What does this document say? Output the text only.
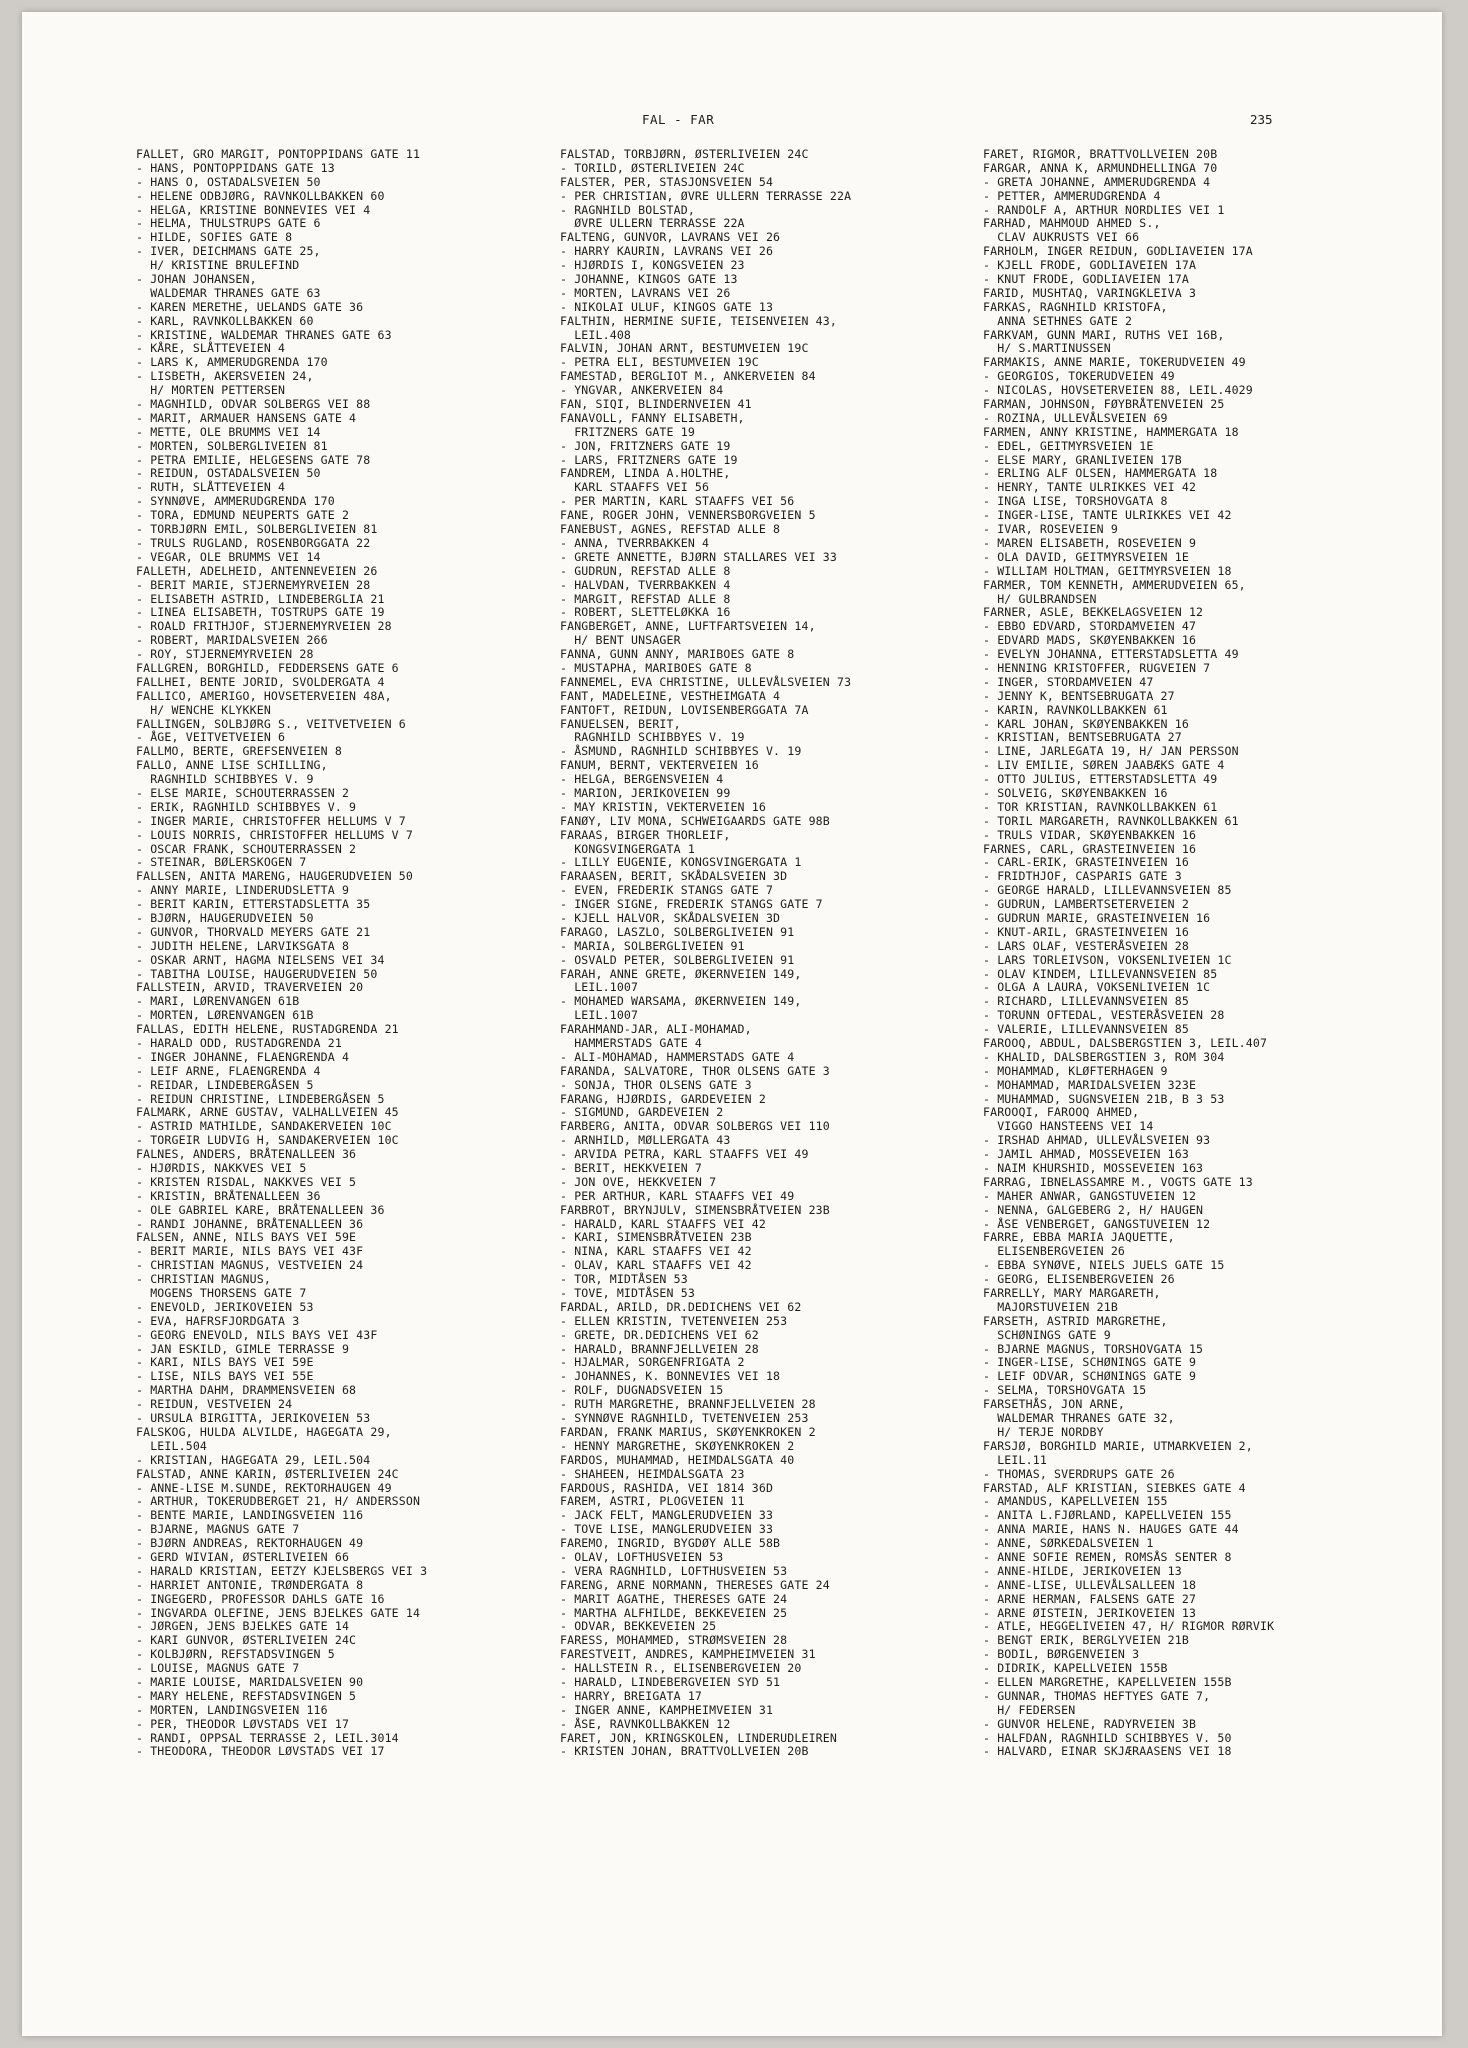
FAL - FAR	235
FALLET, GRO MARGIT, PONTOPPIDANS GATE 11
- HANS, PONTOPPIDANS GATE 13
- HANS O, OSTADALSVEIEN 50
- HELENE ODBJØRG, RAVNKOLLBAKKEN 60
- HELGA, KRISTINE BONNEVIES VEI 4
- HELMA, THULSTRUPS GATE 6
- HILDE, SOFIES GATE 8
- IVER, DEICHMANS GATE 25,
H/ KRISTINE BRULEFIND
- JOHAN JOHANSEN,
WALDEMAR THRANES GATE 63
- KAREN MERETHE, UELANDS GATE 36
- KARL, RAVNKOLLBAKKEN 60
- KRISTINE, WALDEMAR THRANES GATE 63
- KÅRE, SLÅTTEVEIEN 4
- LARS K, AMMERUDGRENDA 170
- LISBETH, AKERSVEIEN 24,
H/ MORTEN PETTERSEN
- MAGNHILD, ODVAR SOLBERGS VEI 88
- MARIT, ARMAUER HANSENS GATE 4
- METTE, OLE BRUMMS VEI 14
- MORTEN, SOLBERGLIVEIEN 81
- PETRA EMILIE, HELGESENS GATE 78
- REIDUN, OSTADALSVEIEN 50
- RUTH, SLÅTTEVEIEN 4
- SYNNØVE, AMMERUDGRENDA 170
- TORA, EDMUND NEUPERTS GATE 2
- TORBJØRN EMIL, SOLBERGLIVEIEN 81
- TRULS RUGLAND, ROSENBORGGATA 22
- VEGAR, OLE BRUMMS VEI 14
FALLETH, ADELHEID, ANTENNEVEIEN 26
- BERIT MARIE, STJERNEMYRVEIEN 28
- ELISABETH ASTRID, LINDEBERGLIA 21
- LINEA ELISABETH, TOSTRUPS GATE 19
- ROALD FRITHJOF, STJERNEMYRVEIEN 28
- ROBERT, MARIDALSVEIEN 266
- ROY, STJERNEMYRVEIEN 28
FALLGREN, BORGHILD, FEDDERSENS GATE 6
FALLHEI, BENTE JORID, SVOLDERGATA 4
FALLICO, AMERIGO, HOVSETERVEIEN 48A,
H/ WENCHE KLYKKEN
FALLINGEN, SOLBJØRG S., VEITVETVEIEN 6
- ÅGE, VEITVETVEIEN 6
FALLMO, BERTE, GREFSENVEIEN 8
FALLO, ANNE LISE SCHILLING,
RAGNHILD SCHIBBYES V. 9
- ELSE MARIE, SCHOUTERRASSEN 2
- ERIK, RAGNHILD SCHIBBYES V. 9
- INGER MARIE, CHRISTOFFER HELLUMS V 7
- LOUIS NORRIS, CHRISTOFFER HELLUMS V 7
- OSCAR FRANK, SCHOUTERRASSEN 2
- STEINAR, BØLERSKOGEN 7
FALLSEN, ANITA MARENG, HAUGERUDVEIEN 50
- ANNY MARIE, LINDERUDSLETTA 9
- BERIT KARIN, ETTERSTADSLETTA 35
- BJØRN, HAUGERUDVEIEN 50
- GUNVOR, THORVALD MEYERS GATE 21
- JUDITH HELENE, LARVIKSGATA 8
- OSKAR ARNT, HAGMA NIELSENS VEI 34
- TABITHA LOUISE, HAUGERUDVEIEN 50
FALLSTEIN, ARVID, TRAVERVEIEN 20
- MARI, LØRENVANGEN 61B
- MORTEN, LØRENVANGEN 61B
FALLAS, EDITH HELENE, RUSTADGRENDA 21
- HARALD ODD, RUSTADGRENDA 21
- INGER JOHANNE, FLAENGRENDA 4
- LEIF ARNE, FLAENGRENDA 4
- REIDAR, LINDEBERGÅSEN 5
- REIDUN CHRISTINE, LINDEBERGÅSEN 5
FALMARK, ARNE GUSTAV, VALHALLVEIEN 45
- ASTRID MATHILDE, SANDAKERVEIEN 10C
- TORGEIR LUDVIG H, SANDAKERVEIEN 10C
FALNES, ANDERS, BRÅTENALLEEN 36
- HJØRDIS, NAKKVES VEI 5
- KRISTEN RISDAL, NAKKVES VEI 5
- KRISTIN, BRÅTENALLEEN 36
- OLE GABRIEL KARE, BRÅTENALLEEN 36
- RANDI JOHANNE, BRÅTENALLEEN 36
FALSEN, ANNE, NILS BAYS VEI 59E
- BERIT MARIE, NILS BAYS VEI 43F
- CHRISTIAN MAGNUS, VESTVEIEN 24
- CHRISTIAN MAGNUS,
MOGENS THORSENS GATE 7
- ENEVOLD, JERIKOVEIEN 53
- EVA, HAFRSFJORDGATA 3
- GEORG ENEVOLD, NILS BAYS VEI 43F
- JAN ESKILD, GIMLE TERRASSE 9
- KARI, NILS BAYS VEI 59E
- LISE, NILS BAYS VEI 55E
- MARTHA DAHM, DRAMMENSVEIEN 68
- REIDUN, VESTVEIEN 24
- URSULA BIRGITTA, JERIKOVEIEN 53
FALSKOG, HULDA ALVILDE, HAGEGATA 29,
LEIL.504
- KRISTIAN, HAGEGATA 29, LEIL.504
FALSTAD, ANNE KARIN, ØSTERLIVEIEN 24C
- ANNE-LISE M.SUNDE, REKTORHAUGEN 49
- ARTHUR, TOKERUDBERGET 21, H/ ANDERSSON
- BENTE MARIE, LANDINGSVEIEN 116
- BJARNE, MAGNUS GATE 7
- BJØRN ANDREAS, REKTORHAUGEN 49
- GERD WIVIAN, ØSTERLIVEIEN 66
- HARALD KRISTIAN, EETZY KJELSBERGS VEI 3
- HARRIET ANTONIE, TRØNDERGATA 8
- INGEGERD, PROFESSOR DAHLS GATE 16
- INGVARDA OLEFINE, JENS BJELKES GATE 14
- JØRGEN, JENS BJELKES GATE 14
- KARI GUNVOR, ØSTERLIVEIEN 24C
- KOLBJØRN, REFSTADSVINGEN 5
- LOUISE, MAGNUS GATE 7
- MARIE LOUISE, MARIDALSVEIEN 90
- MARY HELENE, REFSTADSVINGEN 5
- MORTEN, LANDINGSVEIEN 116
- PER, THEODOR LØVSTADS VEI 17
- RANDI, OPPSAL TERRASSE 2, LEIL.3014
- THEODORA, THEODOR LØVSTADS VEI 17
FALSTAD, TORBJØRN, ØSTERLIVEIEN 24C
- TORILD, ØSTERLIVEIEN 24C
FALSTER, PER, STASJONSVEIEN 54
- PER CHRISTIAN, ØVRE ULLERN TERRASSE 22A
- RAGNHILD BOLSTAD,
ØVRE ULLERN TERRASSE 22A
FALTENG, GUNVOR, LAVRANS VEI 26
- HARRY KAURIN, LAVRANS VEI 26
- HJØRDIS I, KONGSVEIEN 23
- JOHANNE, KINGOS GATE 13
- MORTEN, LAVRANS VEI 26
- NIKOLAI ULUF, KINGOS GATE 13
FALTHIN, HERMINE SUFIE, TEISENVEIEN 43,
LEIL.408
FALVIN, JOHAN ARNT, BESTUMVEIEN 19C
- PETRA ELI, BESTUMVEIEN 19C
FAMESTAD, BERGLIOT M., ANKERVEIEN 84
- YNGVAR, ANKERVEIEN 84
FAN, SIQI, BLINDERNVEIEN 41
FANAVOLL, FANNY ELISABETH,
FRITZNERS GATE 19
- JON, FRITZNERS GATE 19
- LARS, FRITZNERS GATE 19
FANDREM, LINDA A.HOLTHE,
KARL STAAFFS VEI 56
- PER MARTIN, KARL STAAFFS VEI 56
FANE, ROGER JOHN, VENNERSBORGVEIEN 5
FANEBUST, AGNES, REFSTAD ALLE 8
- ANNA, TVERRBAKKEN 4
- GRETE ANNETTE, BJØRN STALLARES VEI 33
- GUDRUN, REFSTAD ALLE 8
- HALVDAN, TVERRBAKKEN 4
- MARGIT, REFSTAD ALLE 8
- ROBERT, SLETTELØKKA 16
FANGBERGET, ANNE, LUFTFARTSVEIEN 14,
H/ BENT UNSAGER
FANNA, GUNN ANNY, MARIBOES GATE 8
- MUSTAPHA, MARIBOES GATE 8
FANNEMEL, EVA CHRISTINE, ULLEVÅLSVEIEN 73
FANT, MADELEINE, VESTHEIMGATA 4
FANTOFT, REIDUN, LOVISENBERGGATA 7A
FANUELSEN, BERIT,
RAGNHILD SCHIBBYES V. 19
- ÅSMUND, RAGNHILD SCHIBBYES V. 19
FANUM, BERNT, VEKTERVEIEN 16
- HELGA, BERGENSVEIEN 4
- MARION, JERIKOVEIEN 99
- MAY KRISTIN, VEKTERVEIEN 16
FANØY, LIV MONA, SCHWEIGAARDS GATE 98B
FARAAS, BIRGER THORLEIF,
KONGSVINGERGATA 1
- LILLY EUGENIE, KONGSVINGERGATA 1
FARAASEN, BERIT, SKÅDALSVEIEN 3D
- EVEN, FREDERIK STANGS GATE 7
- INGER SIGNE, FREDERIK STANGS GATE 7
- KJELL HALVOR, SKÅDALSVEIEN 3D
FARAGO, LASZLO, SOLBERGLIVEIEN 91
- MARIA, SOLBERGLIVEIEN 91
- OSVALD PETER, SOLBERGLIVEIEN 91
FARAH, ANNE GRETE, ØKERNVEIEN 149,
LEIL.1007
- MOHAMED WARSAMA, ØKERNVEIEN 149,
LEIL.1007
FARAHMAND-JAR, ALI-MOHAMAD,
HAMMERSTADS GATE 4
- ALI-MOHAMAD, HAMMERSTADS GATE 4
FARANDA, SALVATORE, THOR OLSENS GATE 3
- SONJA, THOR OLSENS GATE 3
FARANG, HJØRDIS, GARDEVEIEN 2
- SIGMUND, GARDEVEIEN 2
FARBERG, ANITA, ODVAR SOLBERGS VEI 110
- ARNHILD, MØLLERGATA 43
- ARVIDA PETRA, KARL STAAFFS VEI 49
- BERIT, HEKKVEIEN 7
- JON OVE, HEKKVEIEN 7
- PER ARTHUR, KARL STAAFFS VEI 49
FARBROT, BRYNJULV, SIMENSBRÅTVEIEN 23B
- HARALD, KARL STAAFFS VEI 42
- KARI, SIMENSBRÅTVEIEN 23B
- NINA, KARL STAAFFS VEI 42
- OLAV, KARL STAAFFS VEI 42
- TOR, MIDTÅSEN 53
- TOVE, MIDTÅSEN 53
FARDAL, ARILD, DR.DEDICHENS VEI 62
- ELLEN KRISTIN, TVETENVEIEN 253
- GRETE, DR.DEDICHENS VEI 62
- HARALD, BRANNFJELLVEIEN 28
- HJALMAR, SORGENFRIGATA 2
- JOHANNES, K. BONNEVIES VEI 18
- ROLF, DUGNADSVEIEN 15
- RUTH MARGRETHE, BRANNFJELLVEIEN 28
- SYNNØVE RAGNHILD, TVETENVEIEN 253
FARDAN, FRANK MARIUS, SKØYENKROKEN 2
- HENNY MARGRETHE, SKØYENKROKEN 2
FARDOS, MUHAMMAD, HEIMDALSGATA 40
- SHAHEEN, HEIMDALSGATA 23
FARDOUS, RASHIDA, VEI 1814 36D
FAREM, ASTRI, PLOGVEIEN 11
- JACK FELT, MANGLERUDVEIEN 33
- TOVE LISE, MANGLERUDVEIEN 33
FAREMO, INGRID, BYGDØY ALLE 58B
- OLAV, LOFTHUSVEIEN 53
- VERA RAGNHILD, LOFTHUSVEIEN 53
FARENG, ARNE NORMANN, THERESES GATE 24
- MARIT AGATHE, THERESES GATE 24
- MARTHA ALFHILDE, BEKKEVEIEN 25
- ODVAR, BEKKEVEIEN 25
FARESS, MOHAMMED, STRØMSVEIEN 28
FARESTVEIT, ANDRES, KAMPHEIMVEIEN 31
- HALLSTEIN R., ELISENBERGVEIEN 20
- HARALD, LINDEBERGVEIEN SYD 51
- HARRY, BREIGATA 17
- INGER ANNE, KAMPHEIMVEIEN 31
- ÅSE, RAVNKOLLBAKKEN 12
FARET, JON, KRINGSKOLEN, LINDERUDLEIREN
- KRISTEN JOHAN, BRATTVOLLVEIEN 20B
FARET, RIGMOR, BRATTVOLLVEIEN 20B
FARGAR, ANNA K, ARMUNDHELLINGA 70
- GRETA JOHANNE, AMMERUDGRENDA 4
- PETTER, AMMERUDGRENDA 4
- RANDOLF A, ARTHUR NORDLIES VEI 1
FARHAD, MAHMOUD AHMED S.,
CLAV AUKRUSTS VEI 66
FARHOLM, INGER REIDUN, GODLIAVEIEN 17A
- KJELL FRODE, GODLIAVEIEN 17A
- KNUT FRODE, GODLIAVEIEN 17A
FARID, MUSHTAQ, VARINGKLEIVA 3
FARKAS, RAGNHILD KRISTOFA,
ANNA SETHNES GATE 2
FARKVAM, GUNN MARI, RUTHS VEI 16B,
H/ S.MARTINUSSEN
FARMAKIS, ANNE MARIE, TOKERUDVEIEN 49
- GEORGIOS, TOKERUDVEIEN 49
- NICOLAS, HOVSETERVEIEN 88, LEIL.4029
FARMAN, JOHNSON, FØYBRÅTENVEIEN 25
- ROZINA, ULLEVÅLSVEIEN 69
FARMEN, ANNY KRISTINE, HAMMERGATA 18
- EDEL, GEITMYRSVEIEN 1E
- ELSE MARY, GRANLIVEIEN 17B
- ERLING ALF OLSEN, HAMMERGATA 18
- HENRY, TANTE ULRIKKES VEI 42
- INGA LISE, TORSHOVGATA 8
- INGER-LISE, TANTE ULRIKKES VEI 42
- IVAR, ROSEVEIEN 9
- MAREN ELISABETH, ROSEVEIEN 9
- OLA DAVID, GEITMYRSVEIEN 1E
- WILLIAM HOLTMAN, GEITMYRSVEIEN 18
FARMER, TOM KENNETH, AMMERUDVEIEN 65,
H/ GULBRANDSEN
FARNER, ASLE, BEKKELAGSVEIEN 12
- EBBO EDVARD, STORDAMVEIEN 47
- EDVARD MADS, SKØYENBAKKEN 16
- EVELYN JOHANNA, ETTERSTADSLETTA 49
- HENNING KRISTOFFER, RUGVEIEN 7
- INGER, STORDAMVEIEN 47
- JENNY K, BENTSEBRUGATA 27
- KARIN, RAVNKOLLBAKKEN 61
- KARL JOHAN, SKØYENBAKKEN 16
- KRISTIAN, BENTSEBRUGATA 27
- LINE, JARLEGATA 19, H/ JAN PERSSON
- LIV EMILIE, SØREN JAABÆKS GATE 4
- OTTO JULIUS, ETTERSTADSLETTA 49
- SOLVEIG, SKØYENBAKKEN 16
- TOR KRISTIAN, RAVNKOLLBAKKEN 61
- TORIL MARGARETH, RAVNKOLLBAKKEN 61
- TRULS VIDAR, SKØYENBAKKEN 16
FARNES, CARL, GRASTEINVEIEN 16
- CARL-ERIK, GRASTEINVEIEN 16
- FRIDTHJOF, CASPARIS GATE 3
- GEORGE HARALD, LILLEVANNSVEIEN 85
- GUDRUN, LAMBERTSETERVEIEN 2
- GUDRUN MARIE, GRASTEINVEIEN 16
- KNUT-ARIL, GRASTEINVEIEN 16
- LARS OLAF, VESTERÅSVEIEN 28
- LARS TORLEIVSON, VOKSENLIVEIEN 1C
- OLAV KINDEM, LILLEVANNSVEIEN 85
- OLGA A LAURA, VOKSENLIVEIEN 1C
- RICHARD, LILLEVANNSVEIEN 85
- TORUNN OFTEDAL, VESTERÅSVEIEN 28
- VALERIE, LILLEVANNSVEIEN 85
FAROOQ, ABDUL, DALSBERGSTIEN 3, LEIL.407
- KHALID, DALSBERGSTIEN 3, ROM 304
- MOHAMMAD, KLØFTERHAGEN 9
- MOHAMMAD, MARIDALSVEIEN 323E
- MUHAMMAD, SUGNSVEIEN 21B, B 3 53
FAROOQI, FAROOQ AHMED,
VIGGO HANSTEENS VEI 14
- IRSHAD AHMAD, ULLEVÅLSVEIEN 93
- JAMIL AHMAD, MOSSEVEIEN 163
- NAIM KHURSHID, MOSSEVEIEN 163
FARRAG, IBNELASSAMRE M., VOGTS GATE 13
- MAHER ANWAR, GANGSTUVEIEN 12
- NENNA, GALGEBERG 2, H/ HAUGEN
- ÅSE VENBERGET, GANGSTUVEIEN 12
FARRE, EBBA MARIA JAQUETTE,
ELISENBERGVEIEN 26
- EBBA SYNØVE, NIELS JUELS GATE 15
- GEORG, ELISENBERGVEIEN 26
FARRELLY, MARY MARGARETH,
MAJORSTUVEIEN 21B
FARSETH, ASTRID MARGRETHE,
SCHØNINGS GATE 9
- BJARNE MAGNUS, TORSHOVGATA 15
- INGER-LISE, SCHØNINGS GATE 9
- LEIF ODVAR, SCHØNINGS GATE 9
- SELMA, TORSHOVGATA 15
FARSETHÅS, JON ARNE,
WALDEMAR THRANES GATE 32,
H/ TERJE NORDBY
FARSJØ, BORGHILD MARIE, UTMARKVEIEN 2,
LEIL.11
- THOMAS, SVERDRUPS GATE 26
FARSTAD, ALF KRISTIAN, SIEBKES GATE 4
- AMANDUS, KAPELLVEIEN 155
- ANITA L.FJØRLAND, KAPELLVEIEN 155
- ANNA MARIE, HANS N. HAUGES GATE 44
- ANNE, SØRKEDALSVEIEN 1
- ANNE SOFIE REMEN, ROMSÅS SENTER 8
- ANNE-HILDE, JERIKOVEIEN 13
- ANNE-LISE, ULLEVÅLSALLEEN 18
- ARNE HERMAN, FALSENS GATE 27
- ARNE ØISTEIN, JERIKOVEIEN 13
- ATLE, HEGGELIVEIEN 47, H/ RIGMOR RØRVIK
- BENGT ERIK, BERGLYVEIEN 21B
- BODIL, BØRGENVEIEN 3
- DIDRIK, KAPELLVEIEN 155B
- ELLEN MARGRETHE, KAPELLVEIEN 155B
- GUNNAR, THOMAS HEFTYES GATE 7,
H/ FEDERSEN
- GUNVOR HELENE, RADYRVEIEN 3B
- HALFDAN, RAGNHILD SCHIBBYES V. 50
- HALVARD, EINAR SKJÆRAASENS VEI 18
